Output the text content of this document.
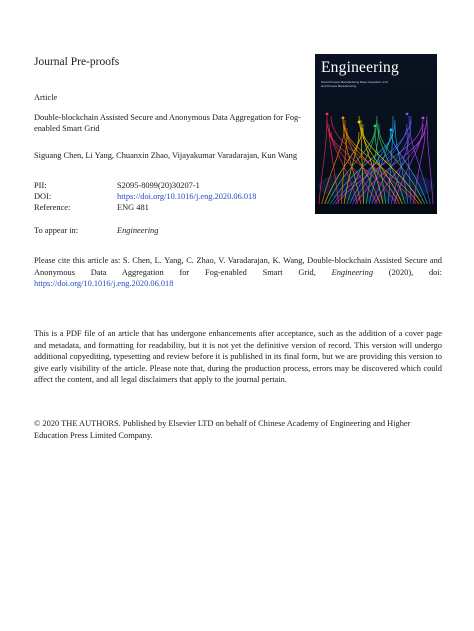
Journal Pre-proofs
Article
Double-blockchain Assisted Secure and Anonymous Data Aggregation for Fog-enabled Smart Grid
Siguang Chen, Li Yang, Chuanxin Zhao, Vijayakumar Varadarajan, Kun Wang
PII:	S2095-8099(20)30207-1
DOI:	https://doi.org/10.1016/j.eng.2020.06.018
Reference:	ENG 481
To appear in:	Engineering
Please cite this article as: S. Chen, L. Yang, C. Zhao, V. Varadarajan, K. Wang, Double-blockchain Assisted Secure and Anonymous Data Aggregation for Fog-enabled Smart Grid, Engineering (2020), doi: https://doi.org/10.1016/j.eng.2020.06.018
This is a PDF file of an article that has undergone enhancements after acceptance, such as the addition of a cover page and metadata, and formatting for readability, but it is not yet the definitive version of record. This version will undergo additional copyediting, typesetting and review before it is published in its final form, but we are providing this version to give early visibility of the article. Please note that, during the production process, errors may be discovered which could affect the content, and all legal disclaimers that apply to the journal pertain.
© 2020 THE AUTHORS. Published by Elsevier LTD on behalf of Chinese Academy of Engineering and Higher Education Press Limited Company.
Engineering
Smart Process Manufacturing Deep Integration of AI and Process Manufacturing
